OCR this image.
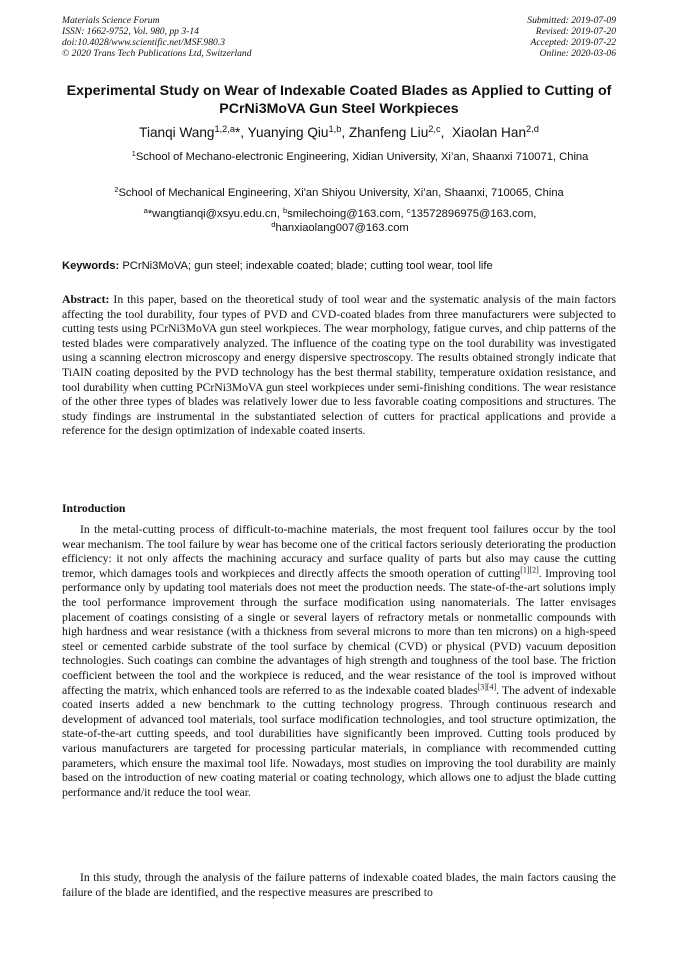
Materials Science Forum
ISSN: 1662-9752, Vol. 980, pp 3-14
doi:10.4028/www.scientific.net/MSF.980.3
© 2020 Trans Tech Publications Ltd, Switzerland
Submitted: 2019-07-09
Revised: 2019-07-20
Accepted: 2019-07-22
Online: 2020-03-06
Experimental Study on Wear of Indexable Coated Blades as Applied to Cutting of PCrNi3MoVA Gun Steel Workpieces
Tianqi Wang$^{1,2,a}$*, Yuanying Qiu$^{1,b}$, Zhanfeng Liu$^{2,c}$, Xiaolan Han$^{2,d}$
$^1$School of Mechano-electronic Engineering, Xidian University, Xi’an, Shaanxi 710071, China
$^2$School of Mechanical Engineering, Xi'an Shiyou University, Xi’an, Shaanxi, 710065, China
$^a$*wangtianqi@xsyu.edu.cn, $^b$smilechoing@163.com, $^c$13572896975@163.com,
$^d$hanxiaolang007@163.com
Keywords: PCrNi3MoVA; gun steel; indexable coated; blade; cutting tool wear, tool life
Abstract: In this paper, based on the theoretical study of tool wear and the systematic analysis of the main factors affecting the tool durability, four types of PVD and CVD-coated blades from three manufacturers were subjected to cutting tests using PCrNi3MoVA gun steel workpieces. The wear morphology, fatigue curves, and chip patterns of the tested blades were comparatively analyzed. The influence of the coating type on the tool durability was investigated using a scanning electron microscopy and energy dispersive spectroscopy. The results obtained strongly indicate that TiAlN coating deposited by the PVD technology has the best thermal stability, temperature oxidation resistance, and tool durability when cutting PCrNi3MoVA gun steel workpieces under semi-finishing conditions. The wear resistance of the other three types of blades was relatively lower due to less favorable coating compositions and structures. The study findings are instrumental in the substantiated selection of cutters for practical applications and provide a reference for the design optimization of indexable coated inserts.
Introduction
In the metal-cutting process of difficult-to-machine materials, the most frequent tool failures occur by the tool wear mechanism. The tool failure by wear has become one of the critical factors seriously deteriorating the production efficiency: it not only affects the machining accuracy and surface quality of parts but also may cause the cutting tremor, which damages tools and workpieces and directly affects the smooth operation of cutting[1][2]. Improving tool performance only by updating tool materials does not meet the production needs. The state-of-the-art solutions imply the tool performance improvement through the surface modification using nanomaterials. The latter envisages placement of coatings consisting of a single or several layers of refractory metals or nonmetallic compounds with high hardness and wear resistance (with a thickness from several microns to more than ten microns) on a high-speed steel or cemented carbide substrate of the tool surface by chemical (CVD) or physical (PVD) vacuum deposition technologies. Such coatings can combine the advantages of high strength and toughness of the tool base. The friction coefficient between the tool and the workpiece is reduced, and the wear resistance of the tool is improved without affecting the matrix, which enhanced tools are referred to as the indexable coated blades[3][4]. The advent of indexable coated inserts added a new benchmark to the cutting technology progress. Through continuous research and development of advanced tool materials, tool surface modification technologies, and tool structure optimization, the state-of-the-art cutting speeds, and tool durabilities have significantly been improved. Cutting tools produced by various manufacturers are targeted for processing particular materials, in compliance with recommended cutting parameters, which ensure the maximal tool life. Nowadays, most studies on improving the tool durability are mainly based on the introduction of new coating material or coating technology, which allows one to adjust the blade cutting performance and/it reduce the tool wear.
In this study, through the analysis of the failure patterns of indexable coated blades, the main factors causing the failure of the blade are identified, and the respective measures are prescribed to
